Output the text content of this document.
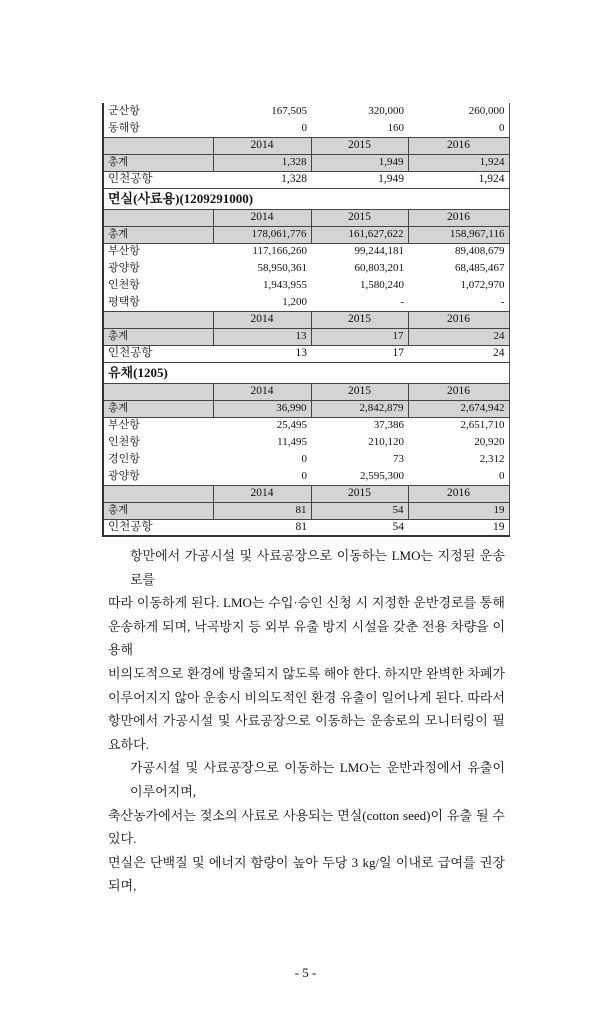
군산항	167,505	320,000	260,000
동해항	0	160	0
	2014	2015	2016
총계	1,328	1,949	1,924
인천공항	1,328	1,949	1,924
면실(사료용)(1209291000)			
	2014	2015	2016
총계	178,061,776	161,627,622	158,967,116
부산항	117,166,260	99,244,181	89,408,679
광양항	58,950,361	60,803,201	68,485,467
인천항	1,943,955	1,580,240	1,072,970
평택항	1,200	-	-
	2014	2015	2016
총계	13	17	24
인천공항	13	17	24
유채(1205)			
	2014	2015	2016
총계	36,990	2,842,879	2,674,942
부산항	25,495	37,386	2,651,710
인천항	11,495	210,120	20,920
경인항	0	73	2,312
광양항	0	2,595,300	0
	2014	2015	2016
총계	81	54	19
인천공항	81	54	19

항만에서 가공시설 및 사료공장으로 이동하는 LMO는 지정된 운송로를
따라 이동하게 된다. LMO는 수입·승인 신청 시 지정한 운반경로를 통해
운송하게 되며, 낙곡방지 등 외부 유출 방지 시설을 갖춘 전용 차량을 이용해
비의도적으로 환경에 방출되지 않도록 해야 한다. 하지만 완벽한 차폐가
이루어지지 않아 운송시 비의도적인 환경 유출이 일어나게 된다. 따라서
항만에서 가공시설 및 사료공장으로 이동하는 운송로의 모니터링이 필요하다.

가공시설 및 사료공장으로 이동하는 LMO는 운반과정에서 유출이 이루어지며,
축산농가에서는 젖소의 사료로 사용되는 면실(cotton seed)이 유출 될 수 있다.
면실은 단백질 및 에너지 함량이 높아 두당 3 kg/일 이내로 급여를 권장되며,

- 5 -
